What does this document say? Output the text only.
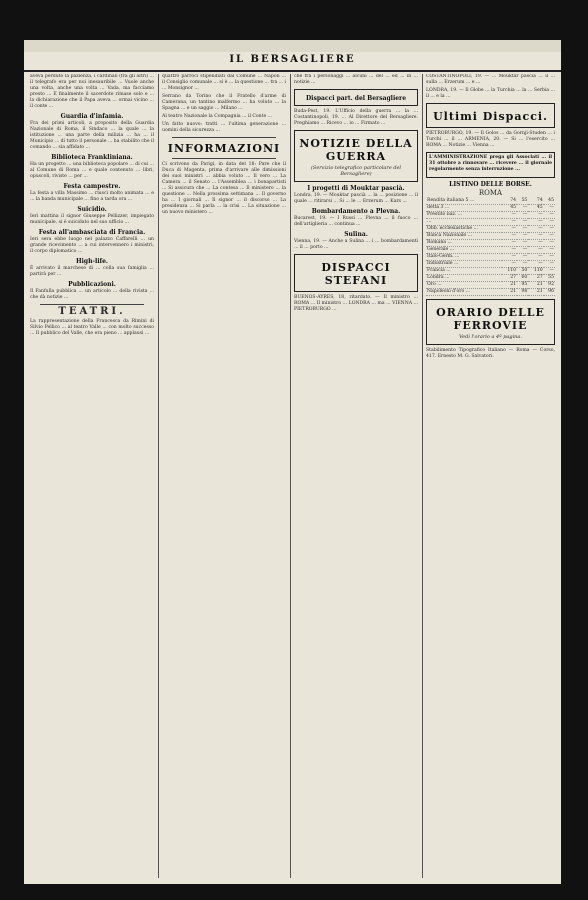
IL BERSAGLIERE

aveva perduto la pazienza, i cardinali (fra gli altri) ... il telegrafo era per noi inesauribile ... Vuole anche una volta, anche una volta ... Vada, ma facciamo presto ... E finalmente il sacerdote rimase solo e ... la dichiarazione che il Papa aveva ... ormai vicino ... il conte ...

Guardia d'infamia.

Fra dei primi articoli, a proposito della Guardia Nazionale di Roma, il Sindaco ... la quale ... la istituzione ... una parte della milizia ... ha ... il Municipio ... di tutto il personale ... ha stabilito che il comando ... sia affidato ...

Biblioteca Frankliniana.

Ha un progetto ... una biblioteca popolare ... di cui ... al Comune di Roma ... e quale contenuto ... libri, opuscoli, riviste ... per ...

Festa campestre.

La festa a villa Massimo ... riuscì molto animata ... e ... la banda municipale ... fino a tarda ora ...

Suicidio.

Ieri mattina il signor Giuseppe Pellizzer, impiegato municipale, si è suicidato nel suo ufficio ...

Festa all'ambasciata di Francia.

Ieri sera ebbe luogo nel palazzo Caffarelli ... un grande ricevimento ... a cui intervennero i ministri, il corpo diplomatico ...

High-life.

È arrivato il marchese di ... colla sua famiglia ... partirà per ...

Pubblicazioni.

Il Fanfulla pubblica ... un articolo ... della rivista ... che dà notizie ...

TEATRI.

La rappresentazione della Francesca da Rimini di Silvio Pellico ... al teatro Valle ... con molto successo ... Il pubblico del Valle, che era pieno ... applausi ...

quattro parroci stipendiati dal Comune ... Napoli ... il Consiglio comunale ... si è ... la questione ... tra ... i ... Monsignor ...

Serrano da Torino che il Fratello d'arme di Camerana, un tantino malfermo ... ha voluto ... la Spagna ... e un saggio ... Milano ...

Al teatro Nazionale la Compagnia ... il Conte ...

Un fatto nuovo: tratti ... l'ultima generazione ... uomini della sicurezza ...

INFORMAZIONI

Ci scrivono da Parigi, in data del 18: Pare che il Duca di Magenta, prima d'arrivare alle dimissioni dei suoi ministri ... abbia voluto ... Il vero ... La Camera ... il Senato ... l'Assemblea ... i bonapartisti ... Si assicura che ... La contesa ... Il ministero ... la questione ... Nella prossima settimana ... Il governo ha ... I giornali ... Il signor ... il discorso ... La presidenza ... Si parla ... la crisi ... La situazione ... un nuovo ministero ...

che fra i personaggi ... alcuni ... del ... ed ... in ... notizie ...

Dispacci part. del Bersagliere

Buda-Pest, 19. L'Ufficio della guerra ... la ... Costantinopoli, 19. ... Al Direttore del Bersagliere. Preghiamo ... Ricevo ... io ... Firmato ...

NOTIZIE DELLA GUERRA
(Servizio telegrafico particolare del Bersagliere)
I progetti di Mouktar pascià.

Londra, 19. — Mouktar pascià ... la ... posizione ... il quale ... ritirarsi ... Si ... le ... Erzerum ... Kars ...

Bombardamento a Plevna.

Bucarest, 19. — I Russi ... Plevna ... il fuoco ... dell'artiglieria ... continua ...

Sulina.

Vienna, 19. — Anche a Sulina ... i ... bombardamenti ... il ... porto ...

DISPACCI STEFANI

BUENOS-AYRES, 18, ritardato. — Il ministro ... ROMA ... Il ministro ... LONDRA ... ma ... VIENNA ... PIETROBURGO ...

COSTANTINOPOLI, 19. — ... Mouktar pascià ... il ... sulla ... Erzerum ... e ...

LONDRA, 19. — Il Globe ... la Turchia ... la ... Serbia ... il ... e la ...

Ultimi Dispacci.

PIETROBURGO, 19. — Il Golos ... da Gornji-Studen ... i Turchi ... il ... ARMENIA, 20. — Si ... l'esercito ... ROMA ... Notizie ... Vienna ...

L'AMMINISTRAZIONE prega gli Associati ... il 31 ottobre a rinnovare ... ricevere ... il giornale regolarmente senza interruzione ...

LISTINO DELLE BORSE.
ROMA
Rendita italiana 5 ...	74	55	74	45
detta 3 ...	45	—	45	—
Prestito naz. ...	—	—	—	—
...	—	—	—	—
Obb. ecclesiastiche ...	—	—	—	—
Banca Nazionale ...	—	—	—	—
Romana ...	—	—	—	—
Generale ...	—	—	—	—
Italo-Germ. ...	—	—	—	—
Industriale ...	—	—	—	—
Francia ...	110	50	110	—
Londra ...	27	60	27	55
Oro ...	21	95	21	92
Napoleoni d'oro ...	21	98	21	96
ORARIO DELLE FERROVIE
Vedi l'orario a 4ª pagina.

Stabilimento Tipografico Italiano — Roma — Corso, 417. Ernesto M. G. Salvatori.
